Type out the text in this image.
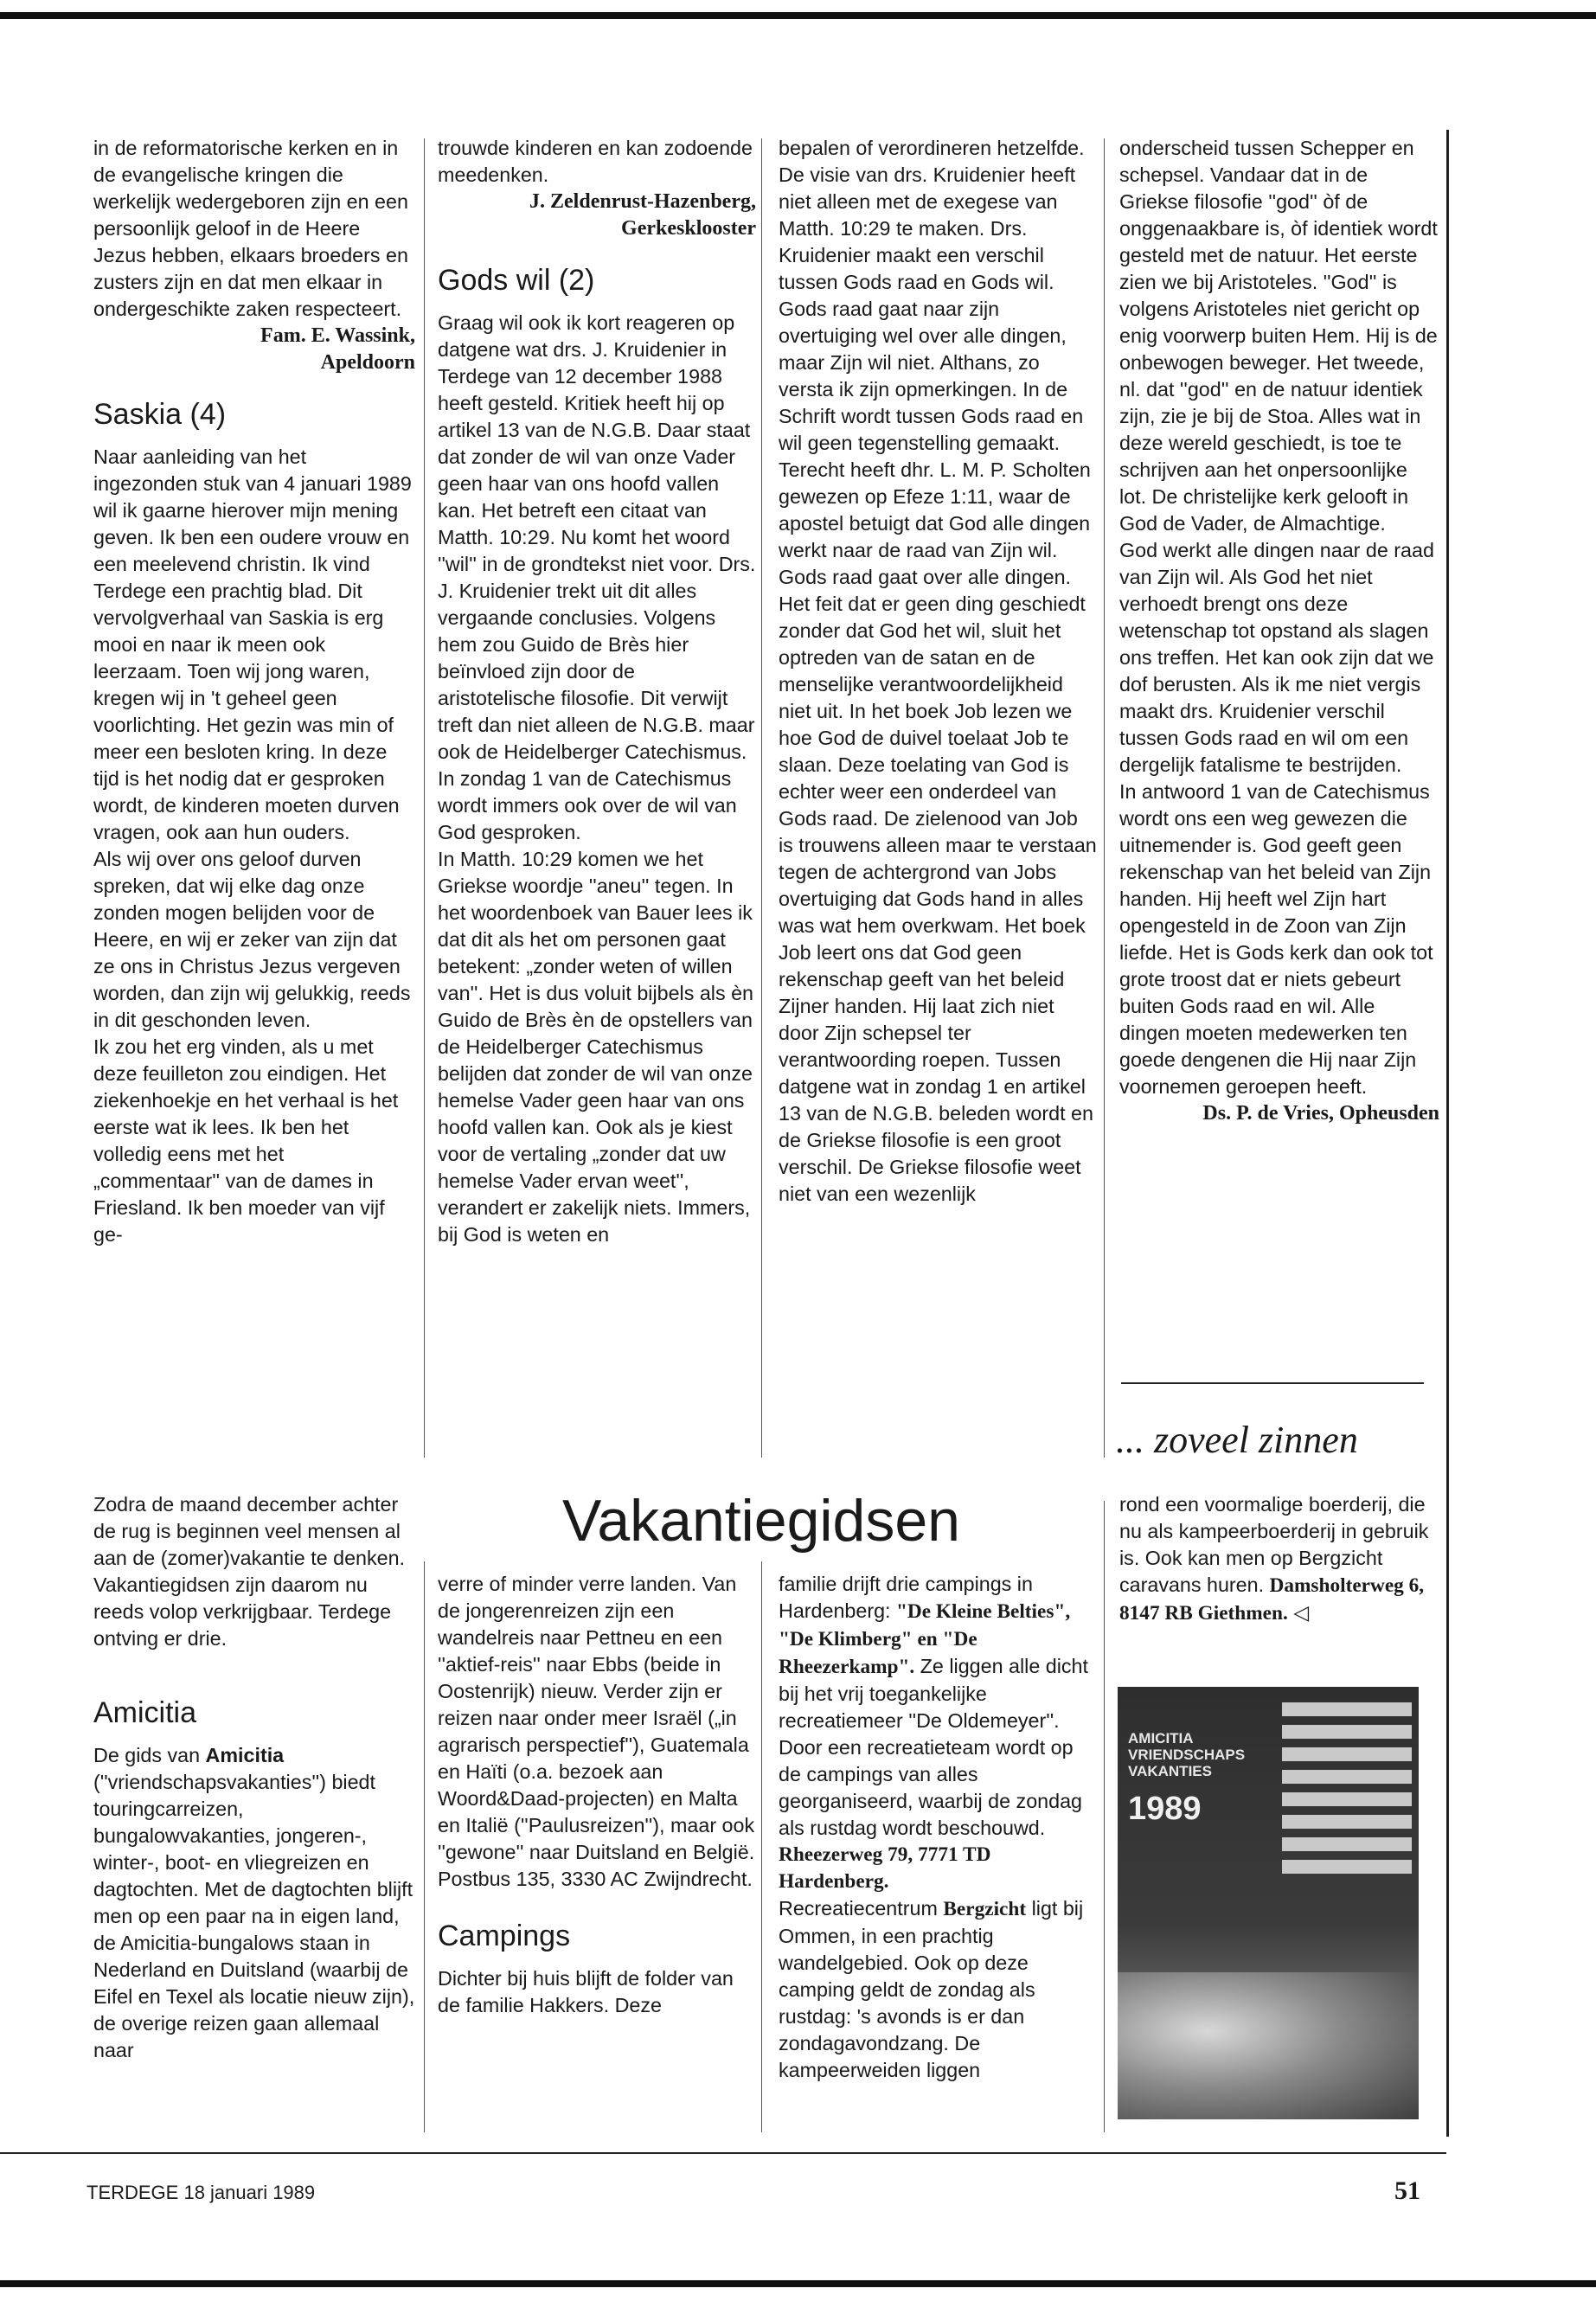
in de reformatorische kerken en in de evangelische kringen die werkelijk wedergeboren zijn en een persoonlijk geloof in de Heere Jezus hebben, elkaars broeders en zusters zijn en dat men elkaar in ondergeschikte zaken respecteert.

Fam. E. Wassink,

Apeldoorn

Saskia (4)

Naar aanleiding van het ingezonden stuk van 4 januari 1989 wil ik gaarne hierover mijn mening geven. Ik ben een oudere vrouw en een meelevend christin. Ik vind Terdege een prachtig blad. Dit vervolgverhaal van Saskia is erg mooi en naar ik meen ook leerzaam. Toen wij jong waren, kregen wij in 't geheel geen voorlichting. Het gezin was min of meer een besloten kring. In deze tijd is het nodig dat er gesproken wordt, de kinderen moeten durven vragen, ook aan hun ouders.

Als wij over ons geloof durven spreken, dat wij elke dag onze zonden mogen belijden voor de Heere, en wij er zeker van zijn dat ze ons in Christus Jezus vergeven worden, dan zijn wij gelukkig, reeds in dit geschonden leven.

Ik zou het erg vinden, als u met deze feuilleton zou eindigen. Het ziekenhoekje en het verhaal is het eerste wat ik lees. Ik ben het volledig eens met het „commentaar'' van de dames in Friesland. Ik ben moeder van vijf ge-

trouwde kinderen en kan zodoende meedenken.

J. Zeldenrust-Hazenberg,

Gerkesklooster

Gods wil (2)

Graag wil ook ik kort reageren op datgene wat drs. J. Kruidenier in Terdege van 12 december 1988 heeft gesteld. Kritiek heeft hij op artikel 13 van de N.G.B. Daar staat dat zonder de wil van onze Vader geen haar van ons hoofd vallen kan. Het betreft een citaat van Matth. 10:29. Nu komt het woord ''wil'' in de grondtekst niet voor. Drs. J. Kruidenier trekt uit dit alles vergaande conclusies. Volgens hem zou Guido de Brès hier beïnvloed zijn door de aristotelische filosofie. Dit verwijt treft dan niet alleen de N.G.B. maar ook de Heidelberger Catechismus.

In zondag 1 van de Catechismus wordt immers ook over de wil van God gesproken.

In Matth. 10:29 komen we het Griekse woordje ''aneu'' tegen. In het woordenboek van Bauer lees ik dat dit als het om personen gaat betekent: „zonder weten of willen van''. Het is dus voluit bijbels als èn Guido de Brès èn de opstellers van de Heidelberger Catechismus belijden dat zonder de wil van onze hemelse Vader geen haar van ons hoofd vallen kan. Ook als je kiest voor de vertaling „zonder dat uw hemelse Vader ervan weet'', verandert er zakelijk niets. Immers, bij God is weten en

bepalen of verordineren hetzelfde.

De visie van drs. Kruidenier heeft niet alleen met de exegese van Matth. 10:29 te maken. Drs. Kruidenier maakt een verschil tussen Gods raad en Gods wil. Gods raad gaat naar zijn overtuiging wel over alle dingen, maar Zijn wil niet. Althans, zo versta ik zijn opmerkingen. In de Schrift wordt tussen Gods raad en wil geen tegenstelling gemaakt. Terecht heeft dhr. L. M. P. Scholten gewezen op Efeze 1:11, waar de apostel betuigt dat God alle dingen werkt naar de raad van Zijn wil. Gods raad gaat over alle dingen.

Het feit dat er geen ding geschiedt zonder dat God het wil, sluit het optreden van de satan en de menselijke verantwoordelijkheid niet uit. In het boek Job lezen we hoe God de duivel toelaat Job te slaan. Deze toelating van God is echter weer een onderdeel van Gods raad. De zielenood van Job is trouwens alleen maar te verstaan tegen de achtergrond van Jobs overtuiging dat Gods hand in alles was wat hem overkwam. Het boek Job leert ons dat God geen rekenschap geeft van het beleid Zijner handen. Hij laat zich niet door Zijn schepsel ter verantwoording roepen. Tussen datgene wat in zondag 1 en artikel 13 van de N.G.B. beleden wordt en de Griekse filosofie is een groot verschil. De Griekse filosofie weet niet van een wezenlijk

onderscheid tussen Schepper en schepsel. Vandaar dat in de Griekse filosofie ''god'' òf de onggenaakbare is, òf identiek wordt gesteld met de natuur. Het eerste zien we bij Aristoteles. ''God'' is volgens Aristoteles niet gericht op enig voorwerp buiten Hem. Hij is de onbewogen beweger. Het tweede, nl. dat ''god'' en de natuur identiek zijn, zie je bij de Stoa. Alles wat in deze wereld geschiedt, is toe te schrijven aan het onpersoonlijke lot. De christelijke kerk gelooft in God de Vader, de Almachtige.

God werkt alle dingen naar de raad van Zijn wil. Als God het niet verhoedt brengt ons deze wetenschap tot opstand als slagen ons treffen. Het kan ook zijn dat we dof berusten. Als ik me niet vergis maakt drs. Kruidenier verschil tussen Gods raad en wil om een dergelijk fatalisme te bestrijden.

In antwoord 1 van de Catechismus wordt ons een weg gewezen die uitnemender is. God geeft geen rekenschap van het beleid van Zijn handen. Hij heeft wel Zijn hart opengesteld in de Zoon van Zijn liefde. Het is Gods kerk dan ook tot grote troost dat er niets gebeurt buiten Gods raad en wil. Alle dingen moeten medewerken ten goede dengenen die Hij naar Zijn voornemen geroepen heeft.

Ds. P. de Vries, Opheusden

... zoveel zinnen
Vakantiegidsen

Zodra de maand december achter de rug is beginnen veel mensen al aan de (zomer)vakantie te denken. Vakantiegidsen zijn daarom nu reeds volop verkrijgbaar. Terdege ontving er drie.

Amicitia

De gids van Amicitia (''vriendschapsvakanties'') biedt touringcarreizen, bungalowvakanties, jongeren-, winter-, boot- en vliegreizen en dagtochten. Met de dagtochten blijft men op een paar na in eigen land, de Amicitia-bungalows staan in Nederland en Duitsland (waarbij de Eifel en Texel als locatie nieuw zijn), de overige reizen gaan allemaal naar

verre of minder verre landen. Van de jongerenreizen zijn een wandelreis naar Pettneu en een ''aktief-reis'' naar Ebbs (beide in Oostenrijk) nieuw. Verder zijn er reizen naar onder meer Israël („in agrarisch perspectief''), Guatemala en Haïti (o.a. bezoek aan Woord&Daad-projecten) en Malta en Italië (''Paulusreizen''), maar ook ''gewone'' naar Duitsland en België. Postbus 135, 3330 AC Zwijndrecht.

Campings

Dichter bij huis blijft de folder van de familie Hakkers. Deze

familie drijft drie campings in Hardenberg: "De Kleine Belties", "De Klimberg" en "De Rheezerkamp". Ze liggen alle dicht bij het vrij toegankelijke recreatiemeer ''De Oldemeyer''. Door een recreatieteam wordt op de campings van alles georganiseerd, waarbij de zondag als rustdag wordt beschouwd.

Rheezerweg 79, 7771 TD Hardenberg.

Recreatiecentrum Bergzicht ligt bij Ommen, in een prachtig wandelgebied. Ook op deze camping geldt de zondag als rustdag: 's avonds is er dan zondagavondzang. De kampeerweiden liggen

rond een voormalige boerderij, die nu als kampeerboerderij in gebruik is. Ook kan men op Bergzicht caravans huren. Damsholterweg 6, 8147 RB Giethmen. ◁

AMICITIA VRIENDSCHAPS VAKANTIES
1989
TERDEGE 18 januari 1989	51
